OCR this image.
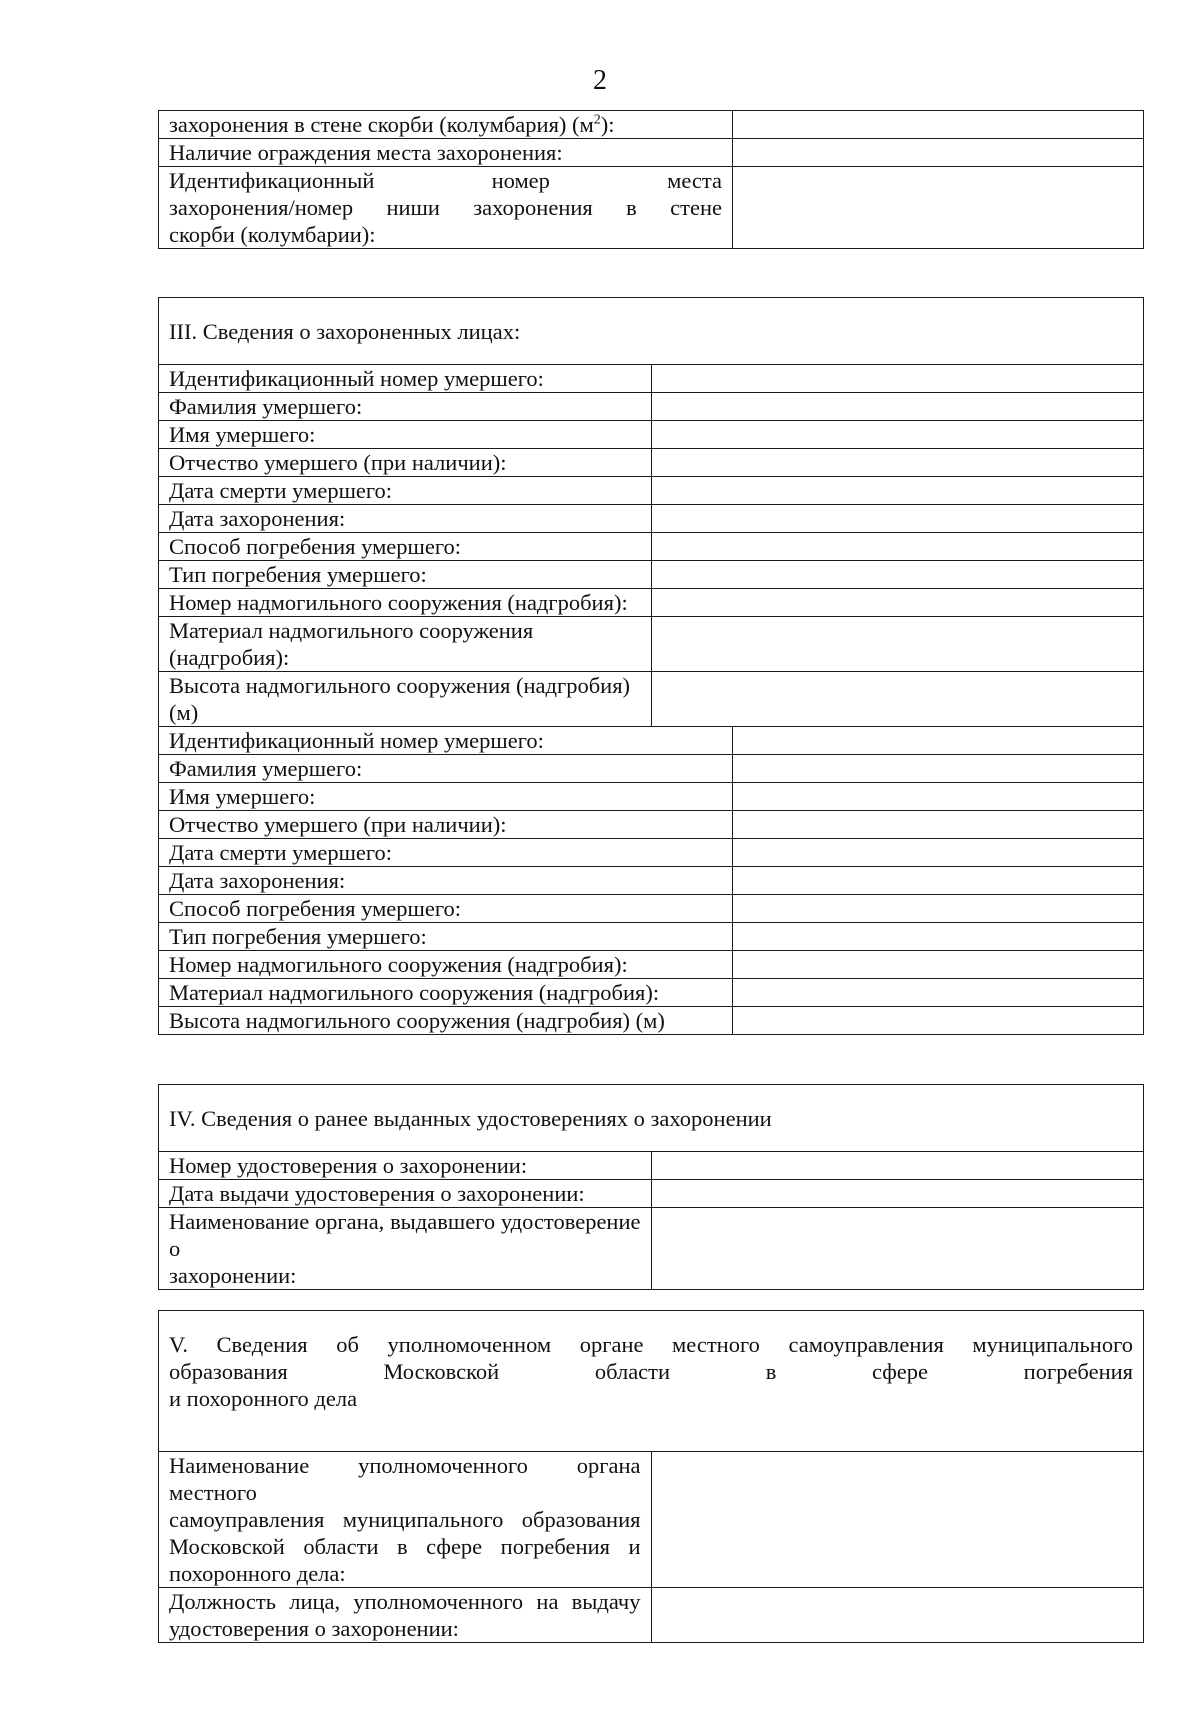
2
захоронения в стене скорби (колумбария) $(м^2)$:	
Наличие ограждения места захоронения:	

Идентификационный номер места
захоронения/номер ниши захоронения в стене
скорби (колумбарии):	

III. Сведения о захороненных лицах:	
Идентификационный номер умершего:	
Фамилия умершего:	
Имя умершего:	
Отчество умершего (при наличии):	
Дата смерти умершего:	
Дата захоронения:	
Способ погребения умершего:	
Тип погребения умершего:	
Номер надмогильного сооружения (надгробия):	
Материал надмогильного сооружения (надгробия):	
Высота надмогильного сооружения (надгробия) (м)	
Идентификационный номер умершего:	
Фамилия умершего:	
Имя умершего:	
Отчество умершего (при наличии):	
Дата смерти умершего:	
Дата захоронения:	
Способ погребения умершего:	
Тип погребения умершего:	
Номер надмогильного сооружения (надгробия):	
Материал надмогильного сооружения (надгробия):	
Высота надмогильного сооружения (надгробия) (м)	
IV. Сведения о ранее выданных удостоверениях о захоронении	
Номер удостоверения о захоронении:	
Дата выдачи удостоверения о захоронении:	

Наименование органа, выдавшего удостоверение о
захоронении:	

V. Сведения об уполномоченном органе местного самоуправления муниципального
образования Московской области в сфере погребения
и похоронного дела	

Наименование уполномоченного органа местного
самоуправления муниципального образования
Московской области в сфере погребения и
похоронного дела:	

Должность лица, уполномоченного на выдачу
удостоверения о захоронении:	
